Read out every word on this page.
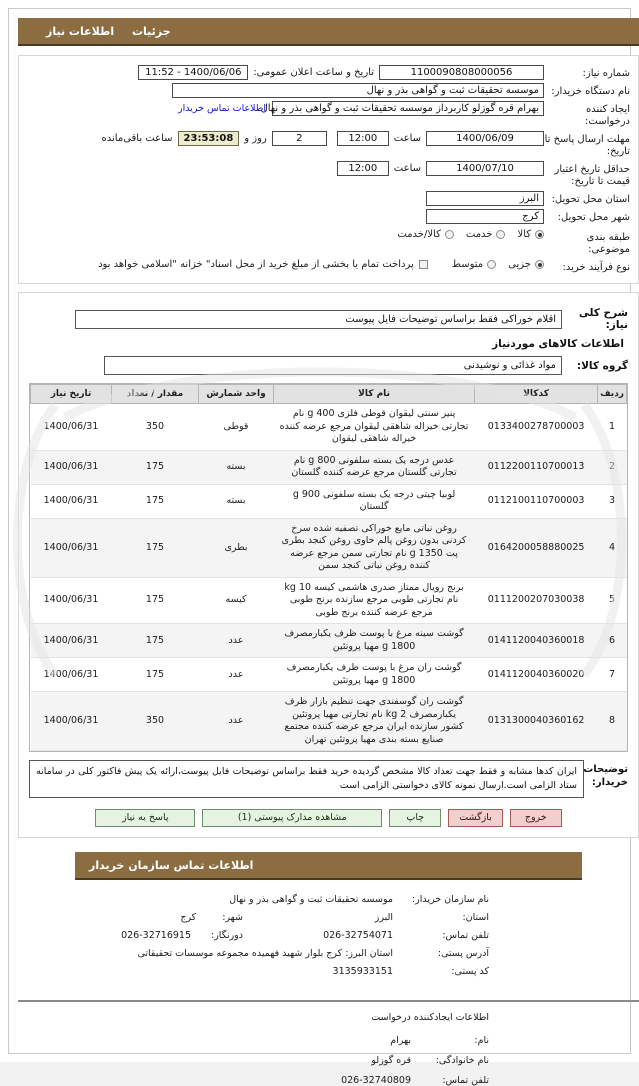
جزئیات اطلاعات نیاز
شماره نیاز:
1100090808000056
تاریخ و ساعت اعلان عمومی:
1400/06/06 - 11:52
نام دستگاه خریدار:
موسسه تحقیقات ثبت و گواهی بذر و نهال
ایجاد کننده درخواست:
بهرام قره گوزلو کاربرداز موسسه تحقیقات ثبت و گواهی بذر و نهال
اطلاعات تماس خریدار
مهلت ارسال پاسخ تا تاریخ:
1400/06/09
ساعت
12:00
2
روز و
23:53:08
ساعت باقی‌مانده
حداقل تاریخ اعتبار قیمت تا تاریخ:
1400/07/10
ساعت
12:00
استان محل تحویل:
البرز
شهر محل تحویل:
کرج
طبقه بندی موضوعی:
کالا
خدمت
کالا/خدمت
نوع فرآیند خرید:
جزیی
متوسط
پرداخت تمام یا بخشی از مبلغ خرید از محل اسناد" خزانه "اسلامی خواهد بود
شرح کلی نیاز:
اقلام خوراکی فقط براساس توضیحات فایل پیوست
اطلاعات کالاهای موردنیاز
گروه کالا:
مواد غذائی و نوشیدنی
ردیف	کدکالا	نام کالا	واحد شمارش	مقدار / تعداد	تاریخ نیاز
1	0133400278700003	پنیر سنتی لیقوان قوطی فلزی 400 g نام تجارتی خیراله شاهقی لیقوان مرجع عرضه کننده خیراله شاهقی لیقوان	قوطی	350	1400/06/31
2	0112200110700013	عدس درجه یک بسته سلفونی 800 g نام تجارتی گلستان مرجع عرضه کننده گلستان	بسته	175	1400/06/31
3	0112100110700003	لوبیا چیتی درجه یک بسته سلفونی 900 g گلستان	بسته	175	1400/06/31
4	0164200058880025	روغن نباتی مایع خوراکی تصفیه شده سرخ کردنی بدون روغن پالم حاوی روغن کنجد بطری پت 1350 g نام تجارتی سمن مرجع عرضه کننده روغن نباتی کنجد سمن	بطری	175	1400/06/31
5	0111200207030038	برنج رویال ممتاز صدری هاشمی کیسه 10 kg نام تجارتی طوبی مرجع سازنده برنج طوبی مرجع عرضه کننده برنج طوبی	کیسه	175	1400/06/31
6	0141120040360018	گوشت سینه مرغ با پوست ظرف یکبارمصرف 1800 g مهیا پروتئین	عدد	175	1400/06/31
7	0141120040360020	گوشت ران مرغ با پوست ظرف یکبارمصرف 1800 g مهیا پروتئین	عدد	175	1400/06/31
8	0131300040360162	گوشت ران گوسفندی جهت تنظیم بازار ظرف یکبارمصرف 2 kg نام تجارتی مهیا پروتئین کشور سازنده ایران مرجع عرضه کننده مجتمع صنایع بسته بندی مهیا پروتئین تهران	عدد	350	1400/06/31
توضیحات خریدار:
ایران کدها مشابه و فقط جهت تعداد کالا مشخص گردیده خرید فقط براساس توضیحات فایل پیوست،ارائه یک پیش فاکتور کلی در سامانه ستاد الزامی است.ارسال نمونه کالای دخواستی الزامی است
خروج
بازگشت
چاپ
مشاهده مدارک پیوستی (1)
پاسخ به نیاز
اطلاعات تماس سازمان خریدار
نام سازمان خریدار:
موسسه تحقیقات ثبت و گواهی بذر و نهال
استان:
البرز
شهر:
کرج
تلفن تماس:
026-32754071
دورنگار:
026-32716915
آدرس پستی:
استان البرز: کرج بلوار شهید فهمیده مجموعه موسسات تحقیقاتی
کد پستی:
3135933151
اطلاعات ایجادکننده درخواست
نام:
بهرام
نام خانوادگی:
قره گوزلو
تلفن تماس:
026-32740809
